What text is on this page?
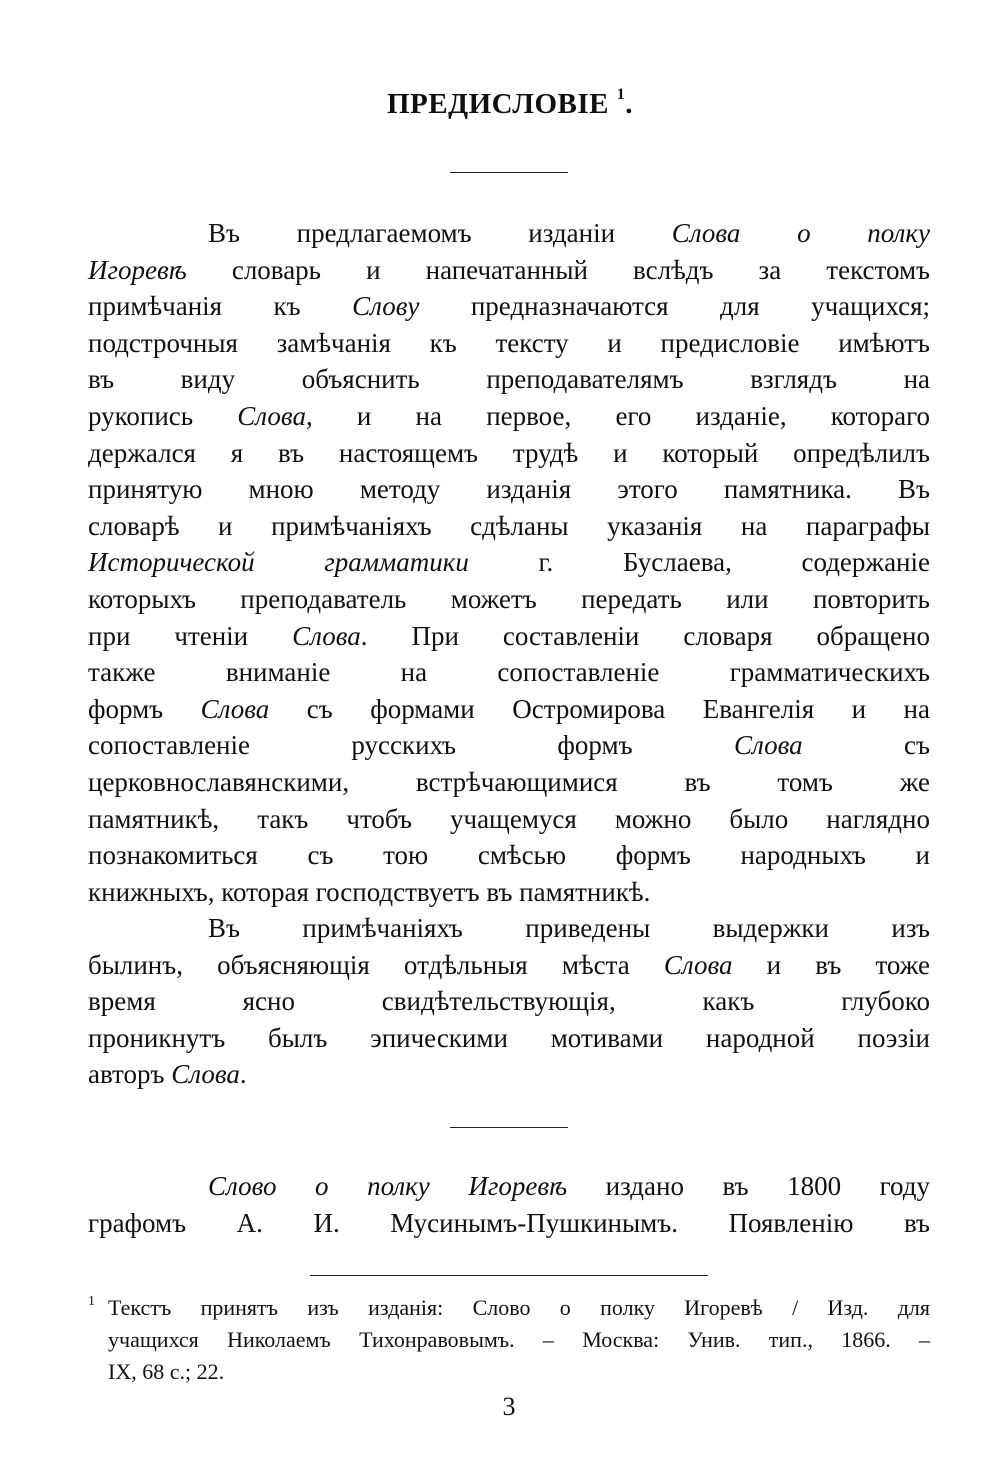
ПРЕДИСЛОВІЕ $^1$.
Въ предлагаемомъ изданіи Слова о полку
Игоревѣ словарь и напечатанный вслѣдъ за текстомъ
примѣчанія къ Слову предназначаются для учащихся;
подстрочныя замѣчанія къ тексту и предисловіе имѣютъ
въ виду объяснить преподавателямъ взглядъ на
рукопись Слова, и на первое, его изданіе, котораго
держался я въ настоящемъ трудѣ и который опредѣлилъ
принятую мною методу изданія этого памятника. Въ
словарѣ и примѣчаніяхъ сдѣланы указанія на параграфы
Исторической грамматики г. Буслаева, содержаніе
которыхъ преподаватель можетъ передать или повторить
при чтеніи Слова. При составленіи словаря обращено
также вниманіе на сопоставленіе грамматическихъ
формъ Слова съ формами Остромирова Евангелія и на
сопоставленіе русскихъ формъ Слова съ
церковнославянскими, встрѣчающимися въ томъ же
памятникѣ, такъ чтобъ учащемуся можно было наглядно
познакомиться съ тою смѣсью формъ народныхъ и
книжныхъ, которая господствуетъ въ памятникѣ.
Въ примѣчаніяхъ приведены выдержки изъ
былинъ, объясняющія отдѣльныя мѣста Слова и въ тоже
время ясно свидѣтельствующія, какъ глубоко
проникнутъ былъ эпическими мотивами народной поэзіи
авторъ Слова.
Слово о полку Игоревѣ издано въ 1800 году
графомъ А. И. Мусинымъ-Пушкинымъ. Появленію въ
1 Текстъ принятъ изъ изданія: Слово о полку Игоревѣ / Изд. для
учащихся Николаемъ Тихонравовымъ. – Москва: Унив. тип., 1866. –
IX, 68 с.; 22.
3
